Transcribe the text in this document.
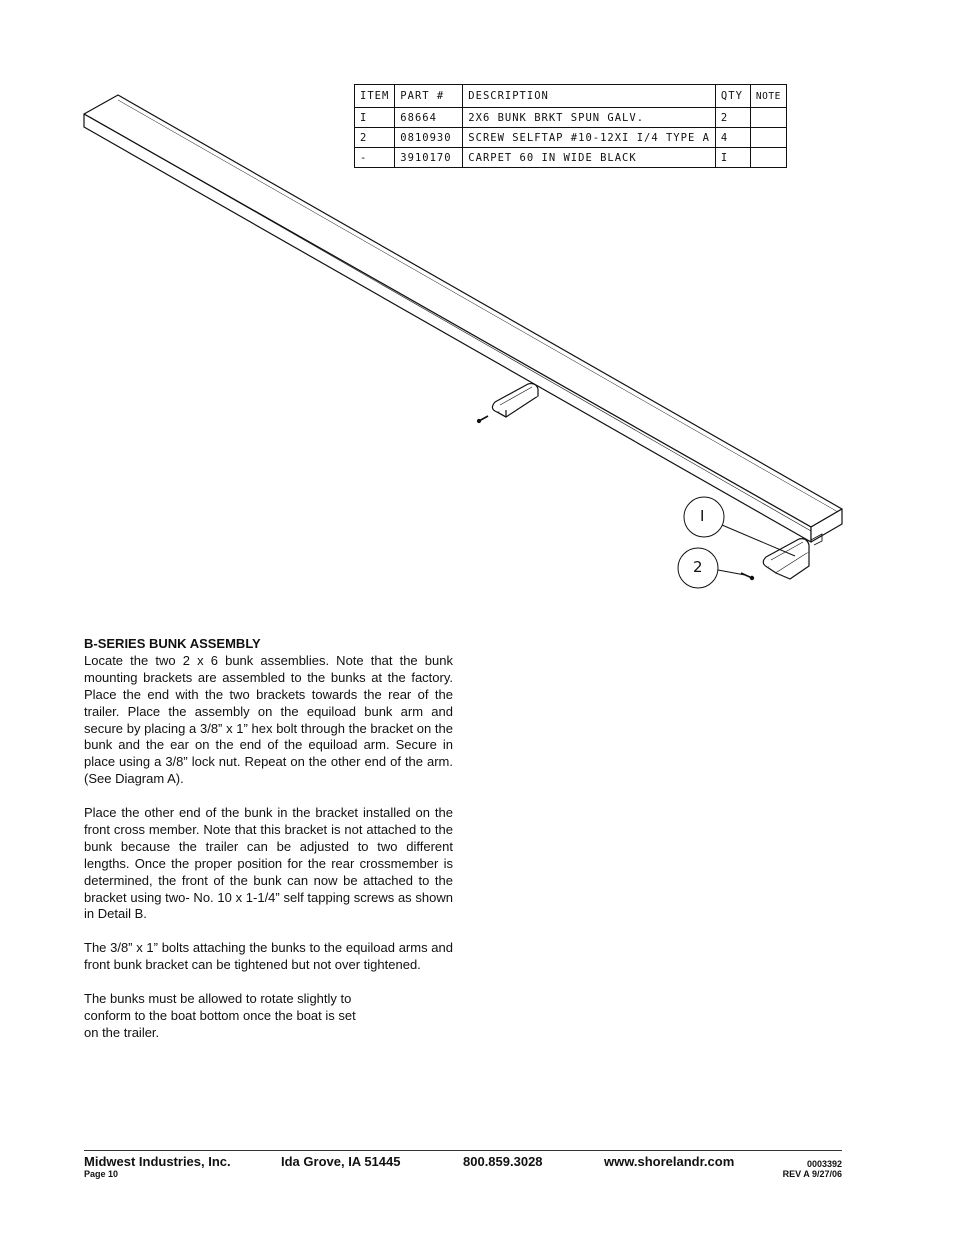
ITEM	PART #	DESCRIPTION	QTY	NOTE
I	68664	2X6 BUNK BRKT SPUN GALV.	2	
2	0810930	SCREW SELFTAP #10-12XI I/4 TYPE A	4	
-	3910170	CARPET 60 IN WIDE BLACK	I	
I
2
B-SERIES BUNK ASSEMBLY

Locate the two 2 x 6 bunk assemblies. Note that the bunk mounting brackets are assembled to the bunks at the factory. Place the end with the two brackets towards the rear of the trailer. Place the assembly on the equiload bunk arm and secure by placing a 3/8” x 1” hex bolt through the bracket on the bunk and the ear on the end of the equiload arm. Secure in place using a 3/8” lock nut. Repeat on the other end of the arm. (See Diagram A).

Place the other end of the bunk in the bracket installed on the front cross member. Note that this bracket is not attached to the bunk because the trailer can be adjusted to two different lengths. Once the proper position for the rear crossmember is determined, the front of the bunk can now be attached to the bracket using two- No. 10 x 1-1/4” self tapping screws as shown in Detail B.

The 3/8” x 1” bolts attaching the bunks to the equiload arms and front bunk bracket can be tightened but not over tightened.

The bunks must be allowed to rotate slightly to conform to the boat bottom once the boat is set on the trailer.

Midwest Industries, Inc.	Ida Grove, IA 51445	800.859.3028	www.shorelandr.com
Page 10
0003392
REV A 9/27/06
